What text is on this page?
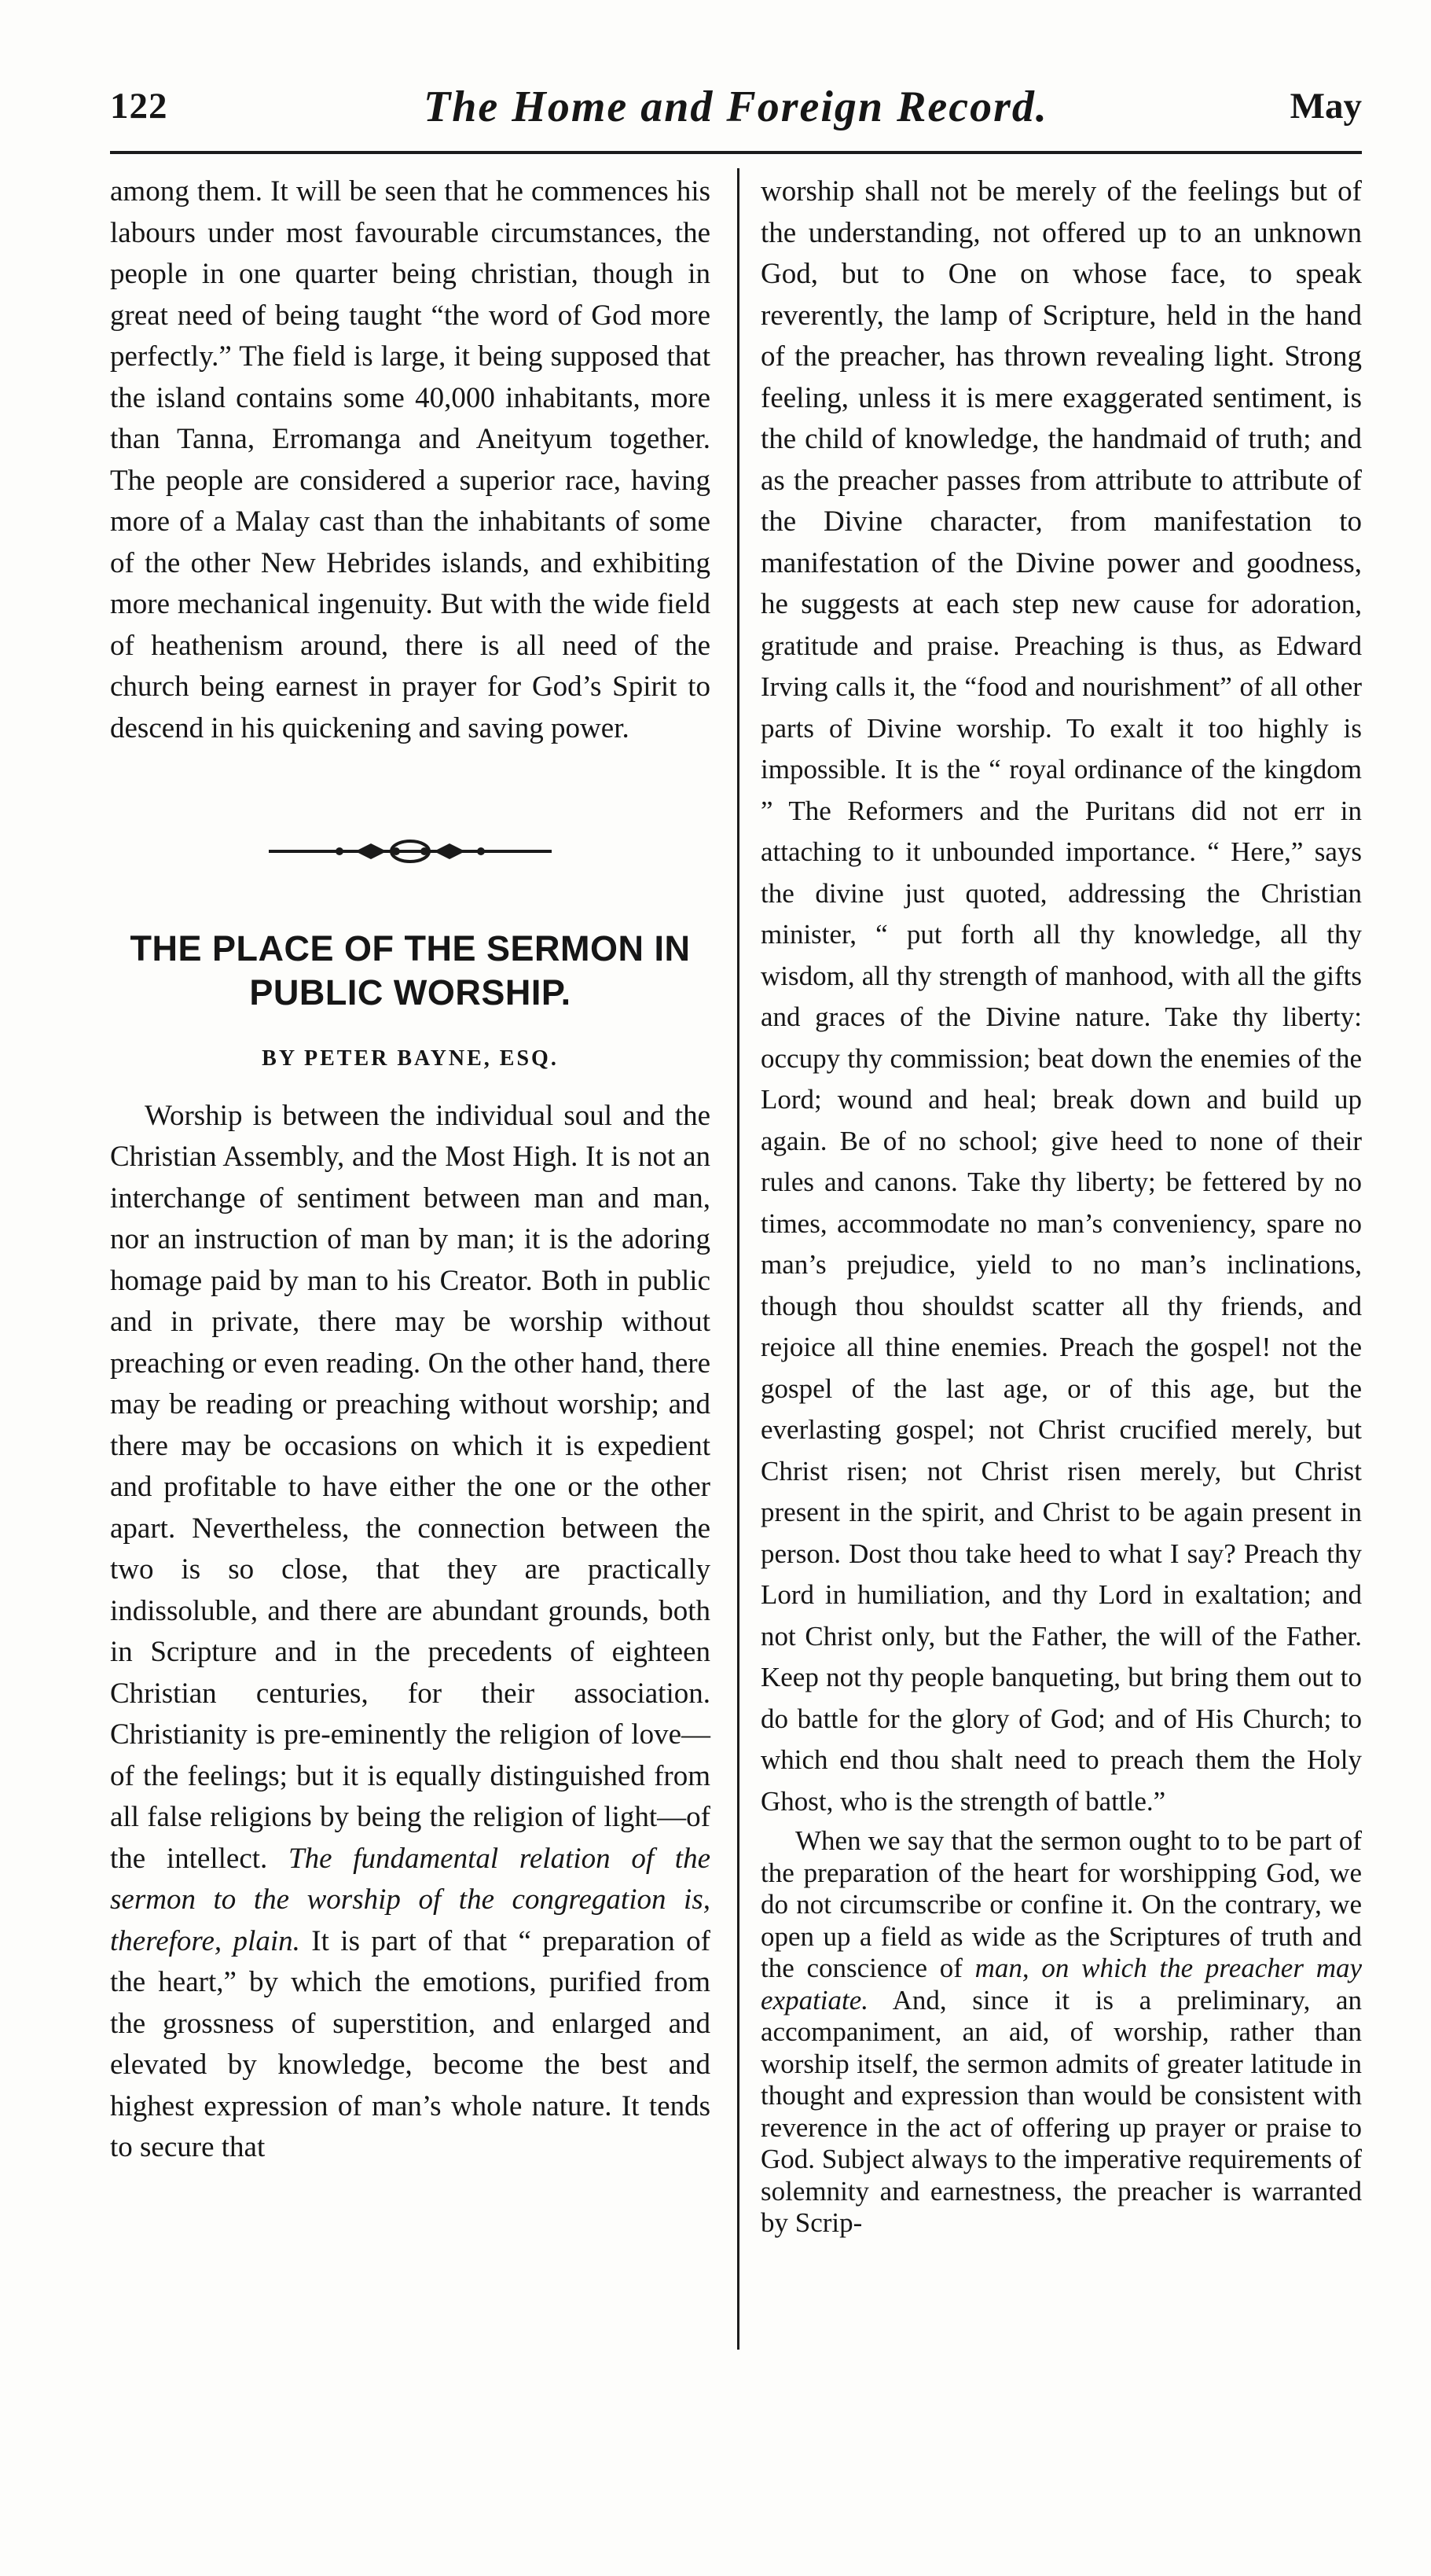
122	The Home and Foreign Record.	May

among them. It will be seen that he commences his labours under most favourable circumstances, the people in one quarter being christian, though in great need of being taught “the word of God more perfectly.” The field is large, it being supposed that the island contains some 40,000 inhabitants, more than Tanna, Erromanga and Aneityum together. The people are considered a superior race, having more of a Malay cast than the inhabitants of some of the other New Hebrides islands, and exhibiting more mechanical ingenuity. But with the wide field of heathenism around, there is all need of the church being earnest in prayer for God’s Spirit to descend in his quickening and saving power.

THE PLACE OF THE SERMON IN PUBLIC WORSHIP.
BY PETER BAYNE, ESQ.

Worship is between the individual soul and the Christian Assembly, and the Most High. It is not an interchange of sentiment between man and man, nor an instruction of man by man; it is the adoring homage paid by man to his Creator. Both in public and in private, there may be worship without preaching or even reading. On the other hand, there may be reading or preaching without worship; and there may be occasions on which it is expedient and profitable to have either the one or the other apart. Nevertheless, the connection between the two is so close, that they are practically indissoluble, and there are abundant grounds, both in Scripture and in the precedents of eighteen Christian centuries, for their association. Christianity is pre-eminently the religion of love—of the feelings; but it is equally distinguished from all false religions by being the religion of light—of the intellect. The fundamental relation of the sermon to the worship of the congregation is, therefore, plain. It is part of that “ preparation of the heart,” by which the emotions, purified from the grossness of superstition, and enlarged and elevated by knowledge, become the best and highest expression of man’s whole nature. It tends to secure that

worship shall not be merely of the feelings but of the understanding, not offered up to an unknown God, but to One on whose face, to speak reverently, the lamp of Scripture, held in the hand of the preacher, has thrown revealing light. Strong feeling, unless it is mere exaggerated sentiment, is the child of knowledge, the handmaid of truth; and as the preacher passes from attribute to attribute of the Divine character, from manifestation to manifestation of the Divine power and goodness, he suggests at each step new cause for adoration, gratitude and praise. Preaching is thus, as Edward Irving calls it, the “food and nourishment” of all other parts of Divine worship. To exalt it too highly is impossible. It is the “ royal ordinance of the kingdom ” The Reformers and the Puritans did not err in attaching to it unbounded importance. “ Here,” says the divine just quoted, addressing the Christian minister, “ put forth all thy knowledge, all thy wisdom, all thy strength of manhood, with all the gifts and graces of the Divine nature. Take thy liberty: occupy thy commission; beat down the enemies of the Lord; wound and heal; break down and build up again. Be of no school; give heed to none of their rules and canons. Take thy liberty; be fettered by no times, accommodate no man’s conveniency, spare no man’s prejudice, yield to no man’s inclinations, though thou shouldst scatter all thy friends, and rejoice all thine enemies. Preach the gospel! not the gospel of the last age, or of this age, but the everlasting gospel; not Christ crucified merely, but Christ risen; not Christ risen merely, but Christ present in the spirit, and Christ to be again present in person. Dost thou take heed to what I say? Preach thy Lord in humiliation, and thy Lord in exaltation; and not Christ only, but the Father, the will of the Father. Keep not thy people banqueting, but bring them out to do battle for the glory of God; and of His Church; to which end thou shalt need to preach them the Holy Ghost, who is the strength of battle.”

When we say that the sermon ought to to be part of the preparation of the heart for worshipping God, we do not circumscribe or confine it. On the contrary, we open up a field as wide as the Scriptures of truth and the conscience of man, on which the preacher may expatiate. And, since it is a preliminary, an accompaniment, an aid, of worship, rather than worship itself, the sermon admits of greater latitude in thought and expression than would be consistent with reverence in the act of offering up prayer or praise to God. Subject always to the imperative requirements of solemnity and earnestness, the preacher is warranted by Scrip-
